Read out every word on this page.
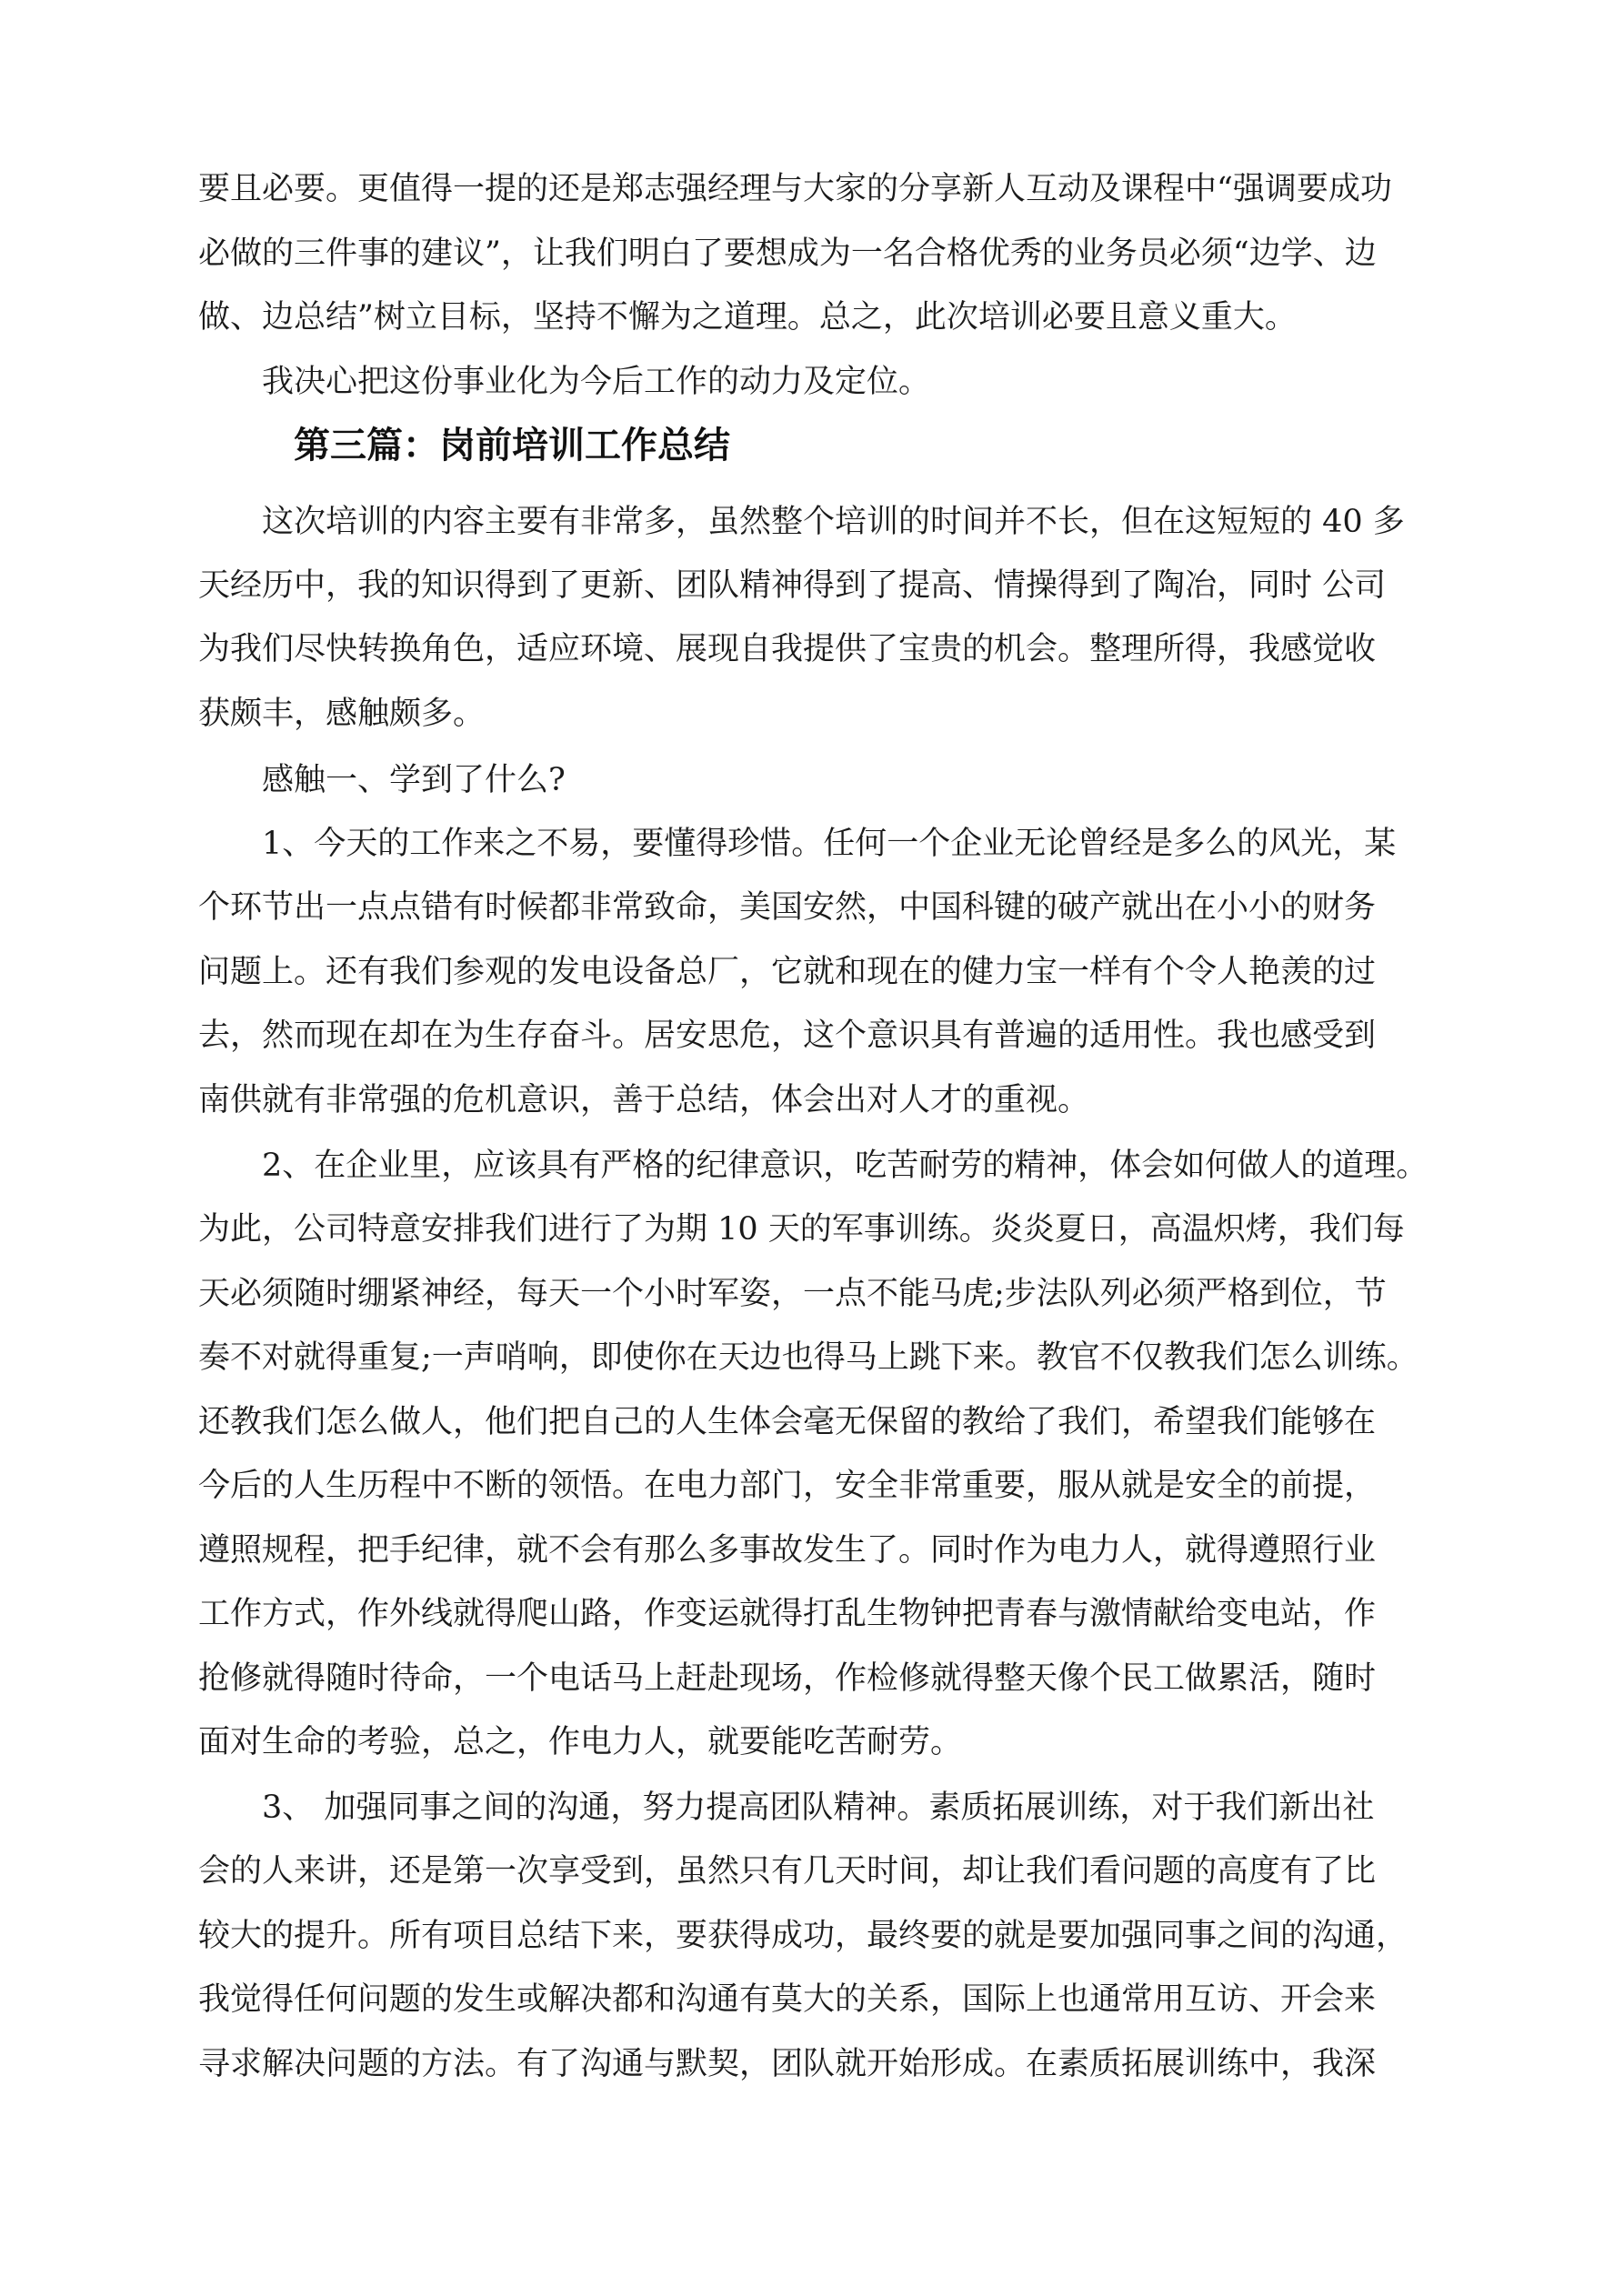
要且必要。更值得一提的还是郑志强经理与大家的分享新人互动及课程中“强调要成功
必做的三件事的建议”，让我们明白了要想成为一名合格优秀的业务员必须“边学、边
做、边总结”树立目标，坚持不懈为之道理。总之，此次培训必要且意义重大。
我决心把这份事业化为今后工作的动力及定位。
第三篇：岗前培训工作总结
这次培训的内容主要有非常多，虽然整个培训的时间并不长，但在这短短的 40 多
天经历中，我的知识得到了更新、团队精神得到了提高、情操得到了陶冶，同时 公司
为我们尽快转换角色，适应环境、展现自我提供了宝贵的机会。整理所得，我感觉收
获颇丰，感触颇多。
感触一、学到了什么?
1、今天的工作来之不易，要懂得珍惜。任何一个企业无论曾经是多么的风光，某
个环节出一点点错有时候都非常致命，美国安然，中国科键的破产就出在小小的财务
问题上。还有我们参观的发电设备总厂，它就和现在的健力宝一样有个令人艳羡的过
去，然而现在却在为生存奋斗。居安思危，这个意识具有普遍的适用性。我也感受到
南供就有非常强的危机意识，善于总结，体会出对人才的重视。
2、在企业里，应该具有严格的纪律意识，吃苦耐劳的精神，体会如何做人的道理。
为此，公司特意安排我们进行了为期 10 天的军事训练。炎炎夏日，高温炽烤，我们每
天必须随时绷紧神经，每天一个小时军姿，一点不能马虎;步法队列必须严格到位，节
奏不对就得重复;一声哨响，即使你在天边也得马上跳下来。教官不仅教我们怎么训练。
还教我们怎么做人，他们把自己的人生体会毫无保留的教给了我们，希望我们能够在
今后的人生历程中不断的领悟。在电力部门，安全非常重要，服从就是安全的前提，
遵照规程，把手纪律，就不会有那么多事故发生了。同时作为电力人，就得遵照行业
工作方式，作外线就得爬山路，作变运就得打乱生物钟把青春与激情献给变电站，作
抢修就得随时待命，一个电话马上赶赴现场，作检修就得整天像个民工做累活，随时
面对生命的考验，总之，作电力人，就要能吃苦耐劳。
3、 加强同事之间的沟通，努力提高团队精神。素质拓展训练，对于我们新出社
会的人来讲，还是第一次享受到，虽然只有几天时间，却让我们看问题的高度有了比
较大的提升。所有项目总结下来，要获得成功，最终要的就是要加强同事之间的沟通，
我觉得任何问题的发生或解决都和沟通有莫大的关系，国际上也通常用互访、开会来
寻求解决问题的方法。有了沟通与默契，团队就开始形成。在素质拓展训练中，我深
